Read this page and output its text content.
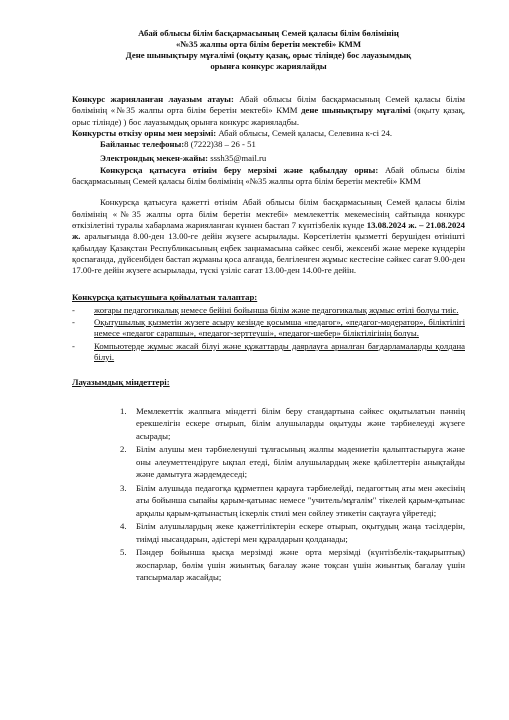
Абай облысы білім басқармасының Семей қаласы білім бөлімінің
«№35 жалпы орта білім беретін мектебі» КММ
Дене шынықтыру мұғалімі (оқыту қазақ, орыс тілінде) бос лауазымдық
орынға конкурс жариялайды

Конкурс жарияланған лауазым атауы: Абай облысы білім басқармасының Семей қаласы білім бөлімінің «№35 жалпы орта білім беретін мектебі» КММ дене шынықтыру мұғалімі (оқыту қазақ, орыс тілінде) ) бос лауазымдық орынға конкурс жарияладбы.

Конкурсты өткізу орны мен мерзімі: Абай облысы, Семей қаласы, Селевина к-сі 24.

Байланыс телефоны:8 (7222)38 – 26 - 51

Электрондық мекен-жайы: sssh35@mail.ru

Конкурсқа қатысуға өтінім беру мерзімі және қабылдау орны: Абай облысы білім басқармасының Семей қаласы білім бөлімінің «№35 жалпы орта білім беретін мектебі» КММ

Конкурсқа қатысуға қажетті өтінім Абай облысы білім басқармасының Семей қаласы білім бөлімінің «№35 жалпы орта білім беретін мектебі» мемлекеттік мекемесінің сайтында конкурс өткізілетіні туралы хабарлама жарияланған күннен бастап 7 күнтізбелік күнде 13.08.2024 ж. – 21.08.2024 ж. аралығында 8.00-ден 13.00-ге дейін жүзеге асырылады. Көрсетілетін қызметті берушіден өтінішті қабылдау Қазақстан Республикасының еңбек заңнамасына сәйкес сенбі, жексенбі және мереке күндерін қоспағанда, дүйсенбіден бастап жұманы қоса алғанда, белгіленген жұмыс кестесіне сәйкес сағат 9.00-ден 17.00-ге дейін жүзеге асырылады, түскі үзіліс сағат 13.00-ден 14.00-ге дейін.

Конкурсқа қатысушыға қойылатын талаптар:
- жоғары педагогикалық немесе бейіні бойынша білім және педагогикалық жұмыс өтілі болуы тиіс.
- Оқытушылық қызметін жүзеге асыру кезінде қосымша «педагог», «педагог-модератор», біліктілігі немесе «педагог сарапшы», «педагог-зерттеуші», «педагог-шебер» біліктілігінің болуы.
- Компьютерде жұмыс жасай білуі және құжаттарды даярлауға арналған бағдарламаларды қолдана білуі.
Лауазымдық міндеттері:
1. Мемлекеттік жалпыға міндетті білім беру стандартына сәйкес оқытылатын пәннің ерекшелігін ескере отырып, білім алушыларды оқытуды және тәрбиелеуді жүзеге асырады;
2. Білім алушы мен тәрбиеленушi тұлғасының жалпы мәдениетін қалыптастыруға және оны әлеуметтендіруге ықпал етеді, білім алушылардың жеке қабілеттерін анықтайды және дамытуға жәрдемдеседі;
3. Білім алушыда педагогқа құрметпен қарауға тәрбиелейді, педагогтың аты мен әкесінің аты бойынша сыпайы қарым-қатынас немесе "учитель/мұғалім" тікелей қарым-қатынас арқылы қарым-қатынастың іскерлік стилі мен сөйлеу этикетін сақтауға үйретеді;
4. Білім алушылардың жеке қажеттіліктерін ескере отырып, оқытудың жаңа тәсілдерін, тиімді нысандарын, әдістері мен құралдарын қолданады;
5. Пәндер бойынша қысқа мерзімді және орта мерзімді (күнтізбелік-тақырыптық) жоспарлар, бөлім үшін жиынтық бағалау және тоқсан үшін жиынтық бағалау үшін тапсырмалар жасайды;
